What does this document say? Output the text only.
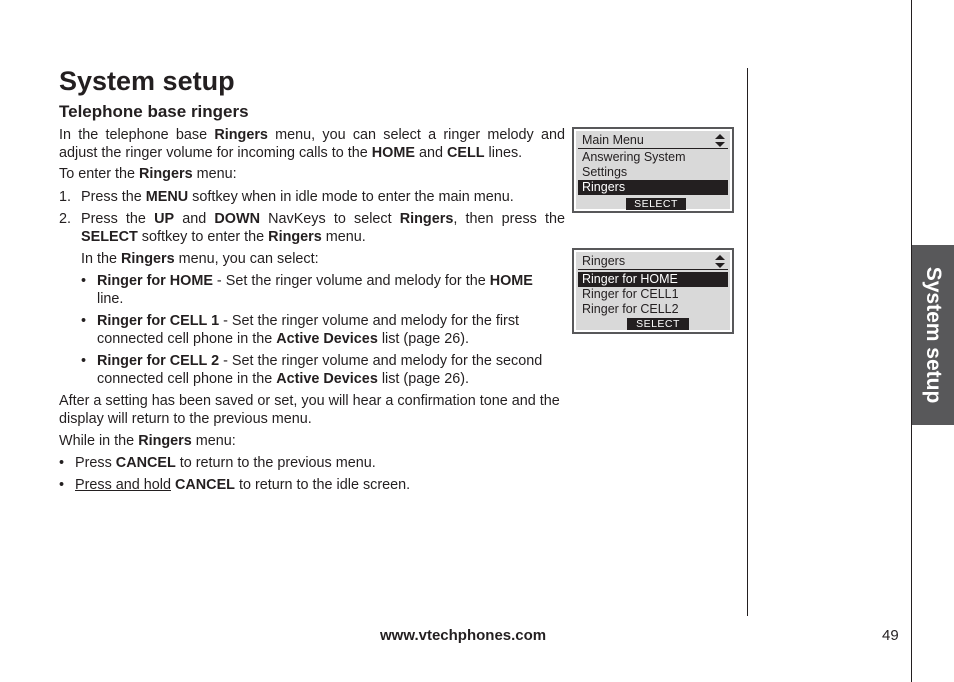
System setup
Telephone base ringers
In the telephone base Ringers menu, you can select a ringer melody and adjust the ringer volume for incoming calls to the HOME and CELL lines.
To enter the Ringers menu:
1. Press the MENU softkey when in idle mode to enter the main menu.
2. Press the UP and DOWN NavKeys to select Ringers, then press the SELECT softkey to enter the Ringers menu.
In the Ringers menu, you can select:
• Ringer for HOME - Set the ringer volume and melody for the HOME line.
• Ringer for CELL 1 - Set the ringer volume and melody for the first connected cell phone in the Active Devices list (page 26).
• Ringer for CELL 2 - Set the ringer volume and melody for the second connected cell phone in the Active Devices list (page 26).
After a setting has been saved or set, you will hear a confirmation tone and the display will return to the previous menu.
While in the Ringers menu:
• Press CANCEL to return to the previous menu.
• Press and hold CANCEL to return to the idle screen.
Main Menu
Answering System
Settings
Ringers
SELECT
Ringers
Ringer for HOME
Ringer for CELL1
Ringer for CELL2
SELECT	System setup
www.vtechphones.com	49
